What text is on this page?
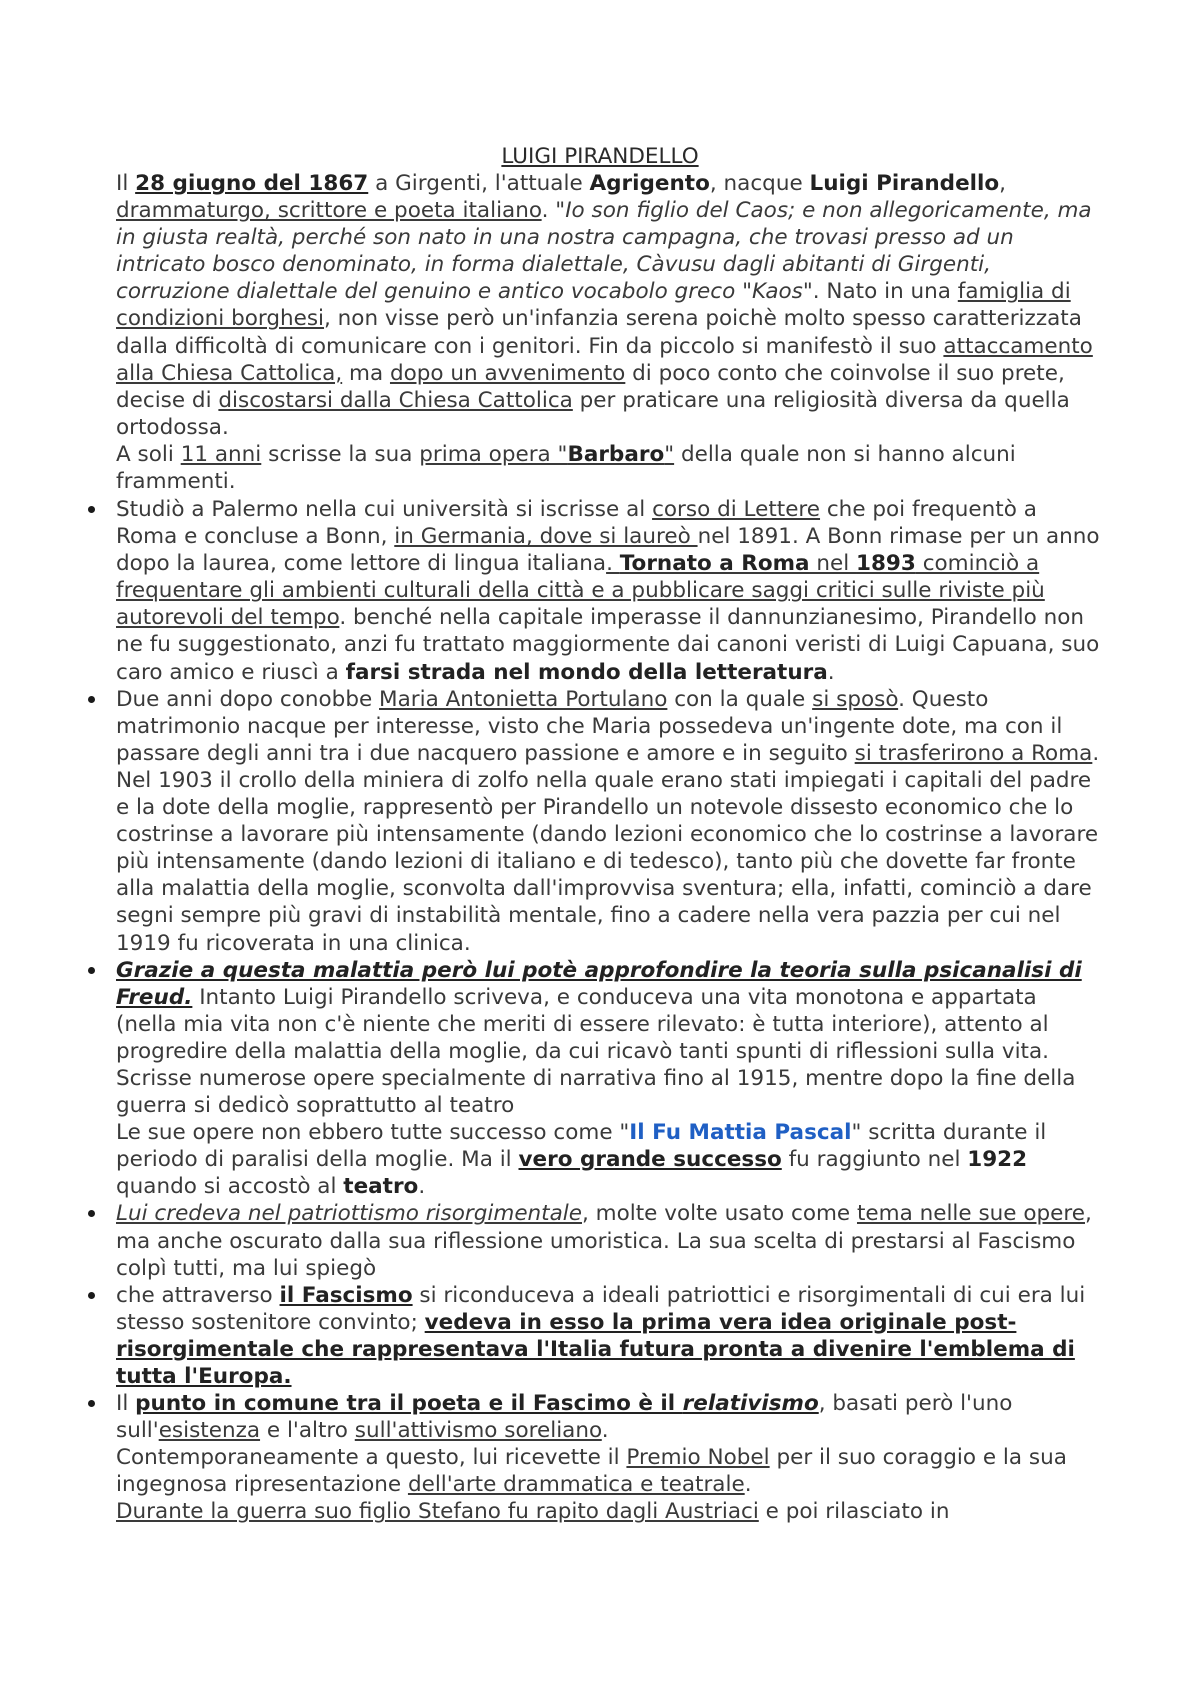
LUIGI PIRANDELLO

Il 28 giugno del 1867 a Girgenti, l'attuale Agrigento, nacque Luigi Pirandello, drammaturgo, scrittore e poeta italiano. "Io son figlio del Caos; e non allegoricamente, ma in giusta realtà, perché son nato in una nostra campagna, che trovasi presso ad un intricato bosco denominato, in forma dialettale, Càvusu dagli abitanti di Girgenti, corruzione dialettale del genuino e antico vocabolo greco "Kaos". Nato in una famiglia di condizioni borghesi, non visse però un'infanzia serena poichè molto spesso caratterizzata dalla difficoltà di comunicare con i genitori. Fin da piccolo si manifestò il suo attaccamento alla Chiesa Cattolica, ma dopo un avvenimento di poco conto che coinvolse il suo prete, decise di discostarsi dalla Chiesa Cattolica per praticare una religiosità diversa da quella ortodossa.
A soli 11 anni scrisse la sua prima opera "Barbaro" della quale non si hanno alcuni frammenti.

Studiò a Palermo nella cui università si iscrisse al corso di Lettere che poi frequentò a Roma e concluse a Bonn, in Germania, dove si laureò nel 1891. A Bonn rimase per un anno dopo la laurea, come lettore di lingua italiana. Tornato a Roma nel 1893 cominciò a frequentare gli ambienti culturali della città e a pubblicare saggi critici sulle riviste più autorevoli del tempo. benché nella capitale imperasse il dannunzianesimo, Pirandello non ne fu suggestionato, anzi fu trattato maggiormente dai canoni veristi di Luigi Capuana, suo caro amico e riuscì a farsi strada nel mondo della letteratura.
Due anni dopo conobbe Maria Antonietta Portulano con la quale si sposò. Questo matrimonio nacque per interesse, visto che Maria possedeva un'ingente dote, ma con il passare degli anni tra i due nacquero passione e amore e in seguito si trasferirono a Roma. Nel 1903 il crollo della miniera di zolfo nella quale erano stati impiegati i capitali del padre e la dote della moglie, rappresentò per Pirandello un notevole dissesto economico che lo costrinse a lavorare più intensamente (dando lezioni economico che lo costrinse a lavorare più intensamente (dando lezioni di italiano e di tedesco), tanto più che dovette far fronte alla malattia della moglie, sconvolta dall'improvvisa sventura; ella, infatti, cominciò a dare segni sempre più gravi di instabilità mentale, fino a cadere nella vera pazzia per cui nel 1919 fu ricoverata in una clinica.
Grazie a questa malattia però lui potè approfondire la teoria sulla psicanalisi di Freud. Intanto Luigi Pirandello scriveva, e conduceva una vita monotona e appartata (nella mia vita non c'è niente che meriti di essere rilevato: è tutta interiore), attento al progredire della malattia della moglie, da cui ricavò tanti spunti di riflessioni sulla vita. Scrisse numerose opere specialmente di narrativa fino al 1915, mentre dopo la fine della guerra si dedicò soprattutto al teatro
Le sue opere non ebbero tutte successo come "Il Fu Mattia Pascal" scritta durante il periodo di paralisi della moglie. Ma il vero grande successo fu raggiunto nel 1922 quando si accostò al teatro.
Lui credeva nel patriottismo risorgimentale, molte volte usato come tema nelle sue opere, ma anche oscurato dalla sua riflessione umoristica. La sua scelta di prestarsi al Fascismo colpì tutti, ma lui spiegò
che attraverso il Fascismo si riconduceva a ideali patriottici e risorgimentali di cui era lui stesso sostenitore convinto; vedeva in esso la prima vera idea originale post-risorgimentale che rappresentava l'Italia futura pronta a divenire l'emblema di tutta l'Europa.
Il punto in comune tra il poeta e il Fascimo è il relativismo, basati però l'uno sull'esistenza e l'altro sull'attivismo soreliano.
Contemporaneamente a questo, lui ricevette il Premio Nobel per il suo coraggio e la sua ingegnosa ripresentazione dell'arte drammatica e teatrale.
Durante la guerra suo figlio Stefano fu rapito dagli Austriaci e poi rilasciato in
